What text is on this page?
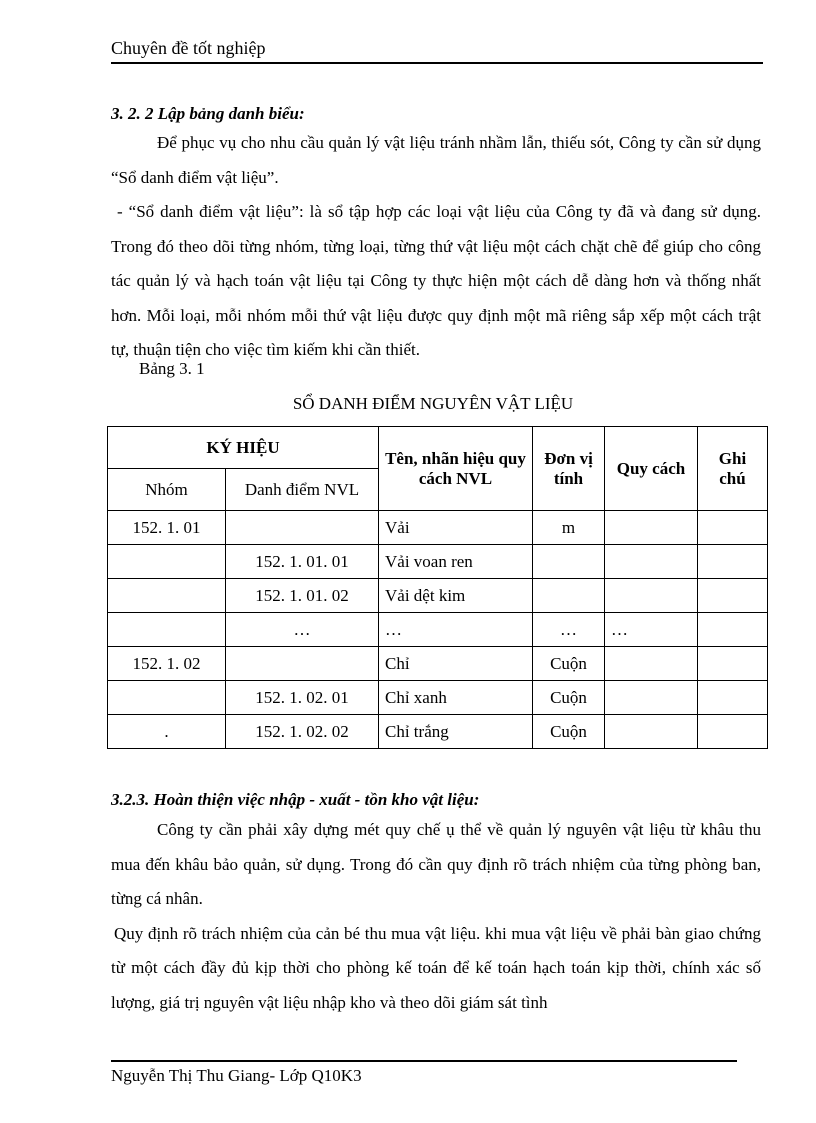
Chuyên đề tốt nghiệp
3. 2. 2 Lập bảng danh biểu:

Để phục vụ cho nhu cầu quản lý vật liệu tránh nhầm lẫn, thiếu sót, Công ty cần sử dụng “Sổ danh điểm vật liệu”.

- “Sổ danh điểm vật liệu”: là sổ tập hợp các loại vật liệu của Công ty đã và đang sử dụng. Trong đó theo dõi từng nhóm, từng loại, từng thứ vật liệu một cách chặt chẽ để giúp cho công tác quản lý và hạch toán vật liệu tại Công ty thực hiện một cách dễ dàng hơn và thống nhất hơn. Mỗi loại, mỗi nhóm mỗi thứ vật liệu được quy định một mã riêng sắp xếp một cách trật tự, thuận tiện cho việc tìm kiếm khi cần thiết.

Bảng 3. 1
SỔ DANH ĐIỂM NGUYÊN VẬT LIỆU
KÝ HIỆU		Tên, nhãn hiệu quy cách NVL	Đơn vị tính	Quy cách	Ghi chú
Nhóm	Danh điểm NVL				
152. 1. 01		Vải	m		
	152. 1. 01. 01	Vải voan ren			
	152. 1. 01. 02	Vải dệt kim			
	…	…	…	…	
152. 1. 02		Chỉ	Cuộn		
	152. 1. 02. 01	Chỉ xanh	Cuộn		
.	152. 1. 02. 02	Chỉ trắng	Cuộn		
3.2.3. Hoàn thiện việc nhập - xuất - tồn kho vật liệu:

Công ty cần phải xây dựng mét quy chế ụ thể về quản lý nguyên vật liệu từ khâu thu mua đến khâu bảo quản, sử dụng. Trong đó cần quy định rõ trách nhiệm của từng phòng ban, từng cá nhân.

Quy định rõ trách nhiệm của cản bé thu mua vật liệu. khi mua vật liệu về phải bàn giao chứng từ một cách đầy đủ kịp thời cho phòng kế toán để kế toán hạch toán kịp thời, chính xác số lượng, giá trị nguyên vật liệu nhập kho và theo dõi giám sát tình

Nguyễn Thị Thu Giang- Lớp Q10K3
